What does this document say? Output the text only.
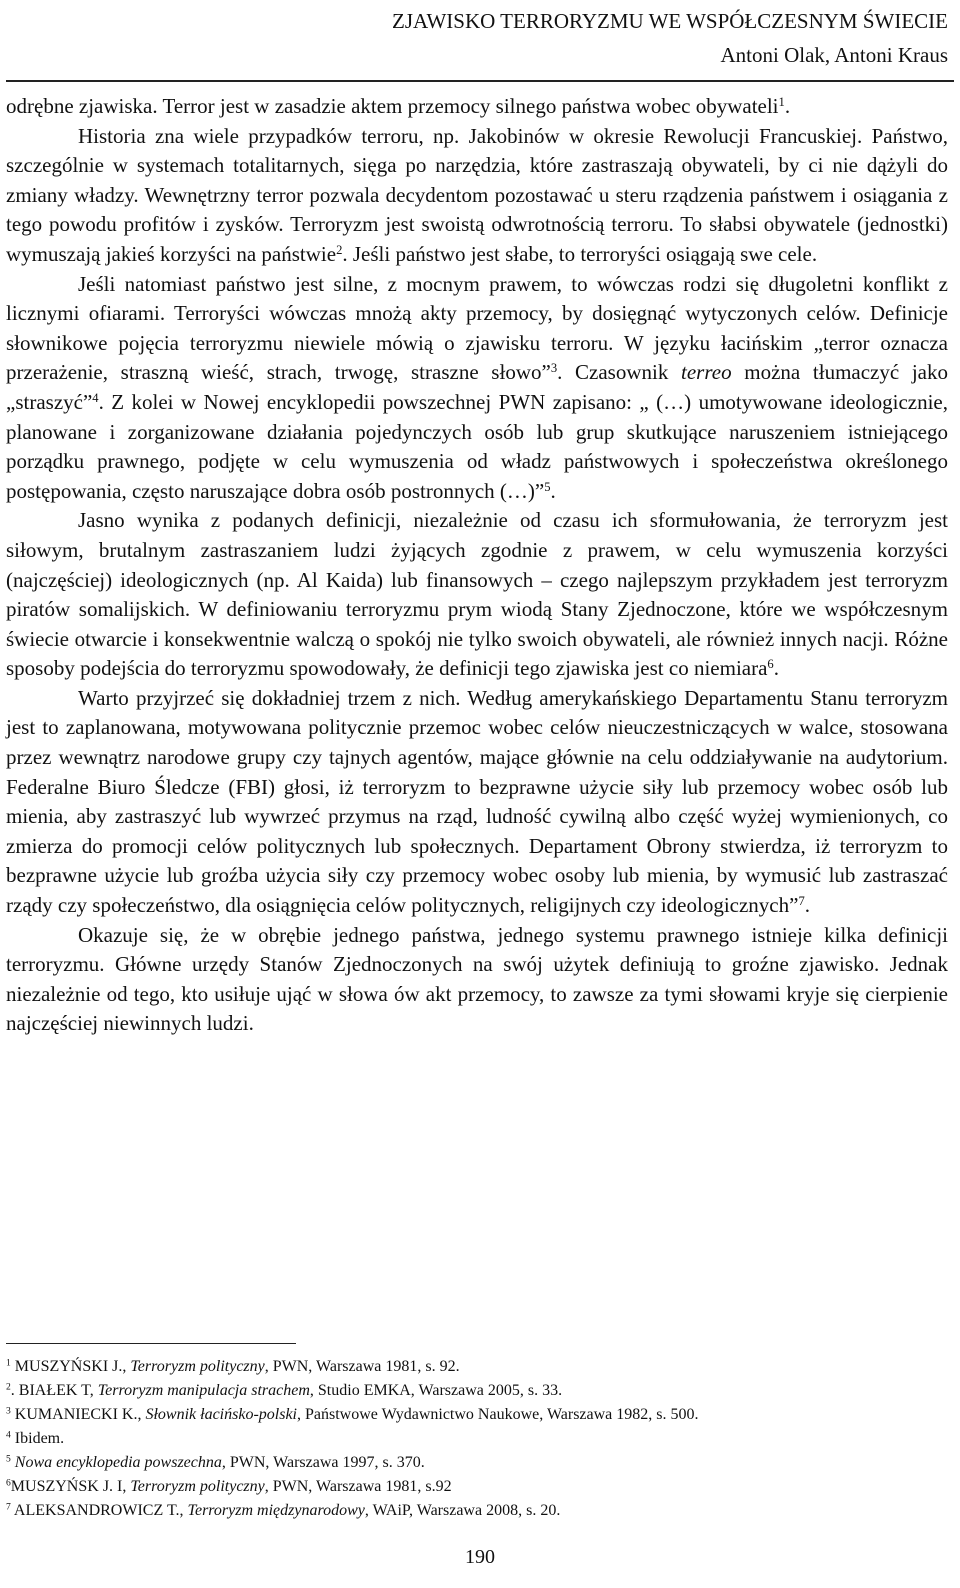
ZJAWISKO TERRORYZMU WE WSPÓŁCZESNYM ŚWIECIE
Antoni Olak, Antoni Kraus

odrębne zjawiska. Terror jest w zasadzie aktem przemocy silnego państwa wobec obywateli$^1$.

Historia zna wiele przypadków terroru, np. Jakobinów w okresie Rewolucji Francuskiej. Państwo, szczególnie w systemach totalitarnych, sięga po narzędzia, które zastraszają obywateli, by ci nie dążyli do zmiany władzy. Wewnętrzny terror pozwala decydentom pozostawać u steru rządzenia państwem i osiągania z tego powodu profitów i zysków. Terroryzm jest swoistą odwrotnością terroru. To słabsi obywatele (jednostki) wymuszają jakieś korzyści na państwie$^2$. Jeśli państwo jest słabe, to terroryści osiągają swe cele.

Jeśli natomiast państwo jest silne, z mocnym prawem, to wówczas rodzi się długoletni konflikt z licznymi ofiarami. Terroryści wówczas mnożą akty przemocy, by dosięgnąć wytyczonych celów. Definicje słownikowe pojęcia terroryzmu niewiele mówią o zjawisku terroru. W języku łacińskim „terror oznacza przerażenie, straszną wieść, strach, trwogę, straszne słowo”$^3$. Czasownik terreo można tłumaczyć jako „straszyć”$^4$. Z kolei w Nowej encyklopedii powszechnej PWN zapisano: „ (…) umotywowane ideologicznie, planowane i zorganizowane działania pojedynczych osób lub grup skutkujące naruszeniem istniejącego porządku prawnego, podjęte w celu wymuszenia od władz państwowych i społeczeństwa określonego postępowania, często naruszające dobra osób postronnych (…)”$^5$.

Jasno wynika z podanych definicji, niezależnie od czasu ich sformułowania, że terroryzm jest siłowym, brutalnym zastraszaniem ludzi żyjących zgodnie z prawem, w celu wymuszenia korzyści (najczęściej) ideologicznych (np. Al Kaida) lub finansowych – czego najlepszym przykładem jest terroryzm piratów somalijskich. W definiowaniu terroryzmu prym wiodą Stany Zjednoczone, które we współczesnym świecie otwarcie i konsekwentnie walczą o spokój nie tylko swoich obywateli, ale również innych nacji. Różne sposoby podejścia do terroryzmu spowodowały, że definicji tego zjawiska jest co niemiara$^6$.

Warto przyjrzeć się dokładniej trzem z nich. Według amerykańskiego Departamentu Stanu terroryzm jest to zaplanowana, motywowana politycznie przemoc wobec celów nieuczestniczących w walce, stosowana przez wewnątrz narodowe grupy czy tajnych agentów, mające głównie na celu oddziaływanie na audytorium. Federalne Biuro Śledcze (FBI) głosi, iż terroryzm to bezprawne użycie siły lub przemocy wobec osób lub mienia, aby zastraszyć lub wywrzeć przymus na rząd, ludność cywilną albo część wyżej wymienionych, co zmierza do promocji celów politycznych lub społecznych. Departament Obrony stwierdza, iż terroryzm to bezprawne użycie lub groźba użycia siły czy przemocy wobec osoby lub mienia, by wymusić lub zastraszać rządy czy społeczeństwo, dla osiągnięcia celów politycznych, religijnych czy ideologicznych”$^7$.

Okazuje się, że w obrębie jednego państwa, jednego systemu prawnego istnieje kilka definicji terroryzmu. Główne urzędy Stanów Zjednoczonych na swój użytek definiują to groźne zjawisko. Jednak niezależnie od tego, kto usiłuje ująć w słowa ów akt przemocy, to zawsze za tymi słowami kryje się cierpienie najczęściej niewinnych ludzi.

$^1$ MUSZYŃSKI J., Terroryzm polityczny, PWN, Warszawa 1981, s. 92.
$^2$. BIAŁEK T, Terroryzm manipulacja strachem, Studio EMKA, Warszawa 2005, s. 33.
$^3$ KUMANIECKI K., Słownik łacińsko-polski, Państwowe Wydawnictwo Naukowe, Warszawa 1982, s. 500.
$^4$ Ibidem.
$^5$ Nowa encyklopedia powszechna, PWN, Warszawa 1997, s. 370.
$^6$MUSZYŃSK J. I, Terroryzm polityczny, PWN, Warszawa 1981, s.92
$^7$ ALEKSANDROWICZ T., Terroryzm międzynarodowy, WAiP, Warszawa 2008, s. 20.
190
